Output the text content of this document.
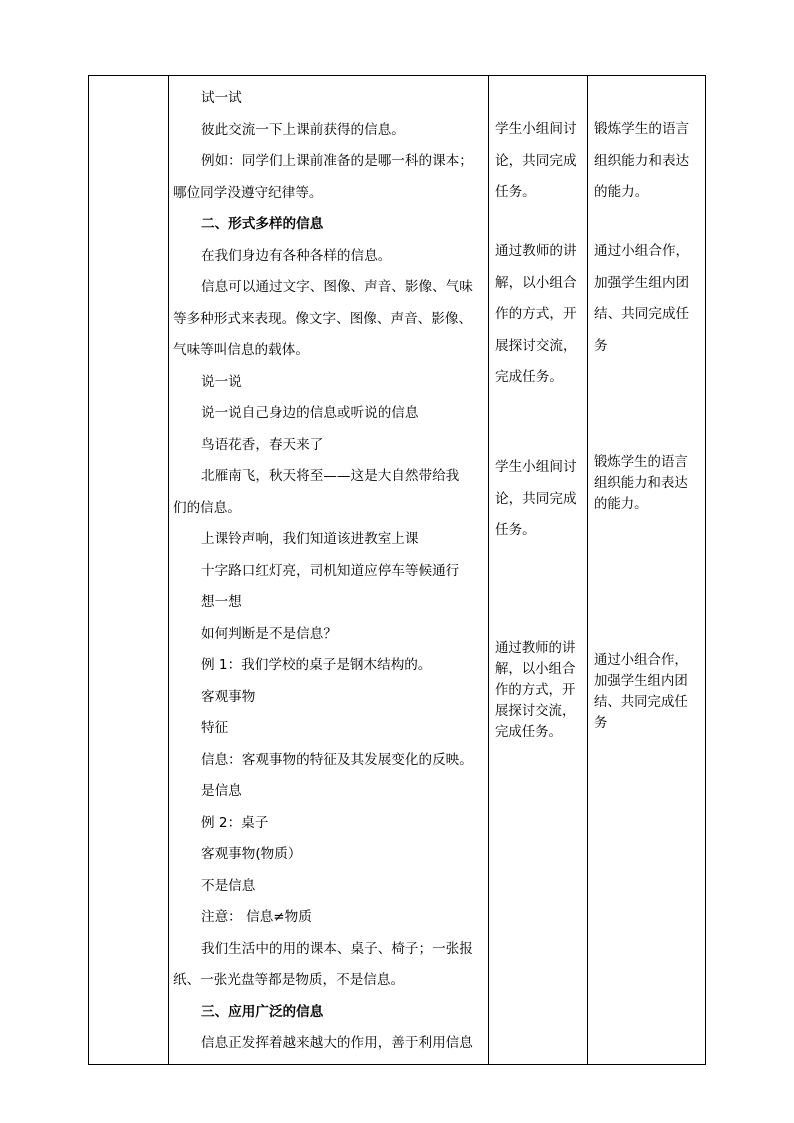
试一试

彼此交流一下上课前获得的信息。

例如：同学们上课前准备的是哪一科的课本；

哪位同学没遵守纪律等。

二、形式多样的信息

在我们身边有各种各样的信息。

信息可以通过文字、图像、声音、影像、气味

等多种形式来表现。像文字、图像、声音、影像、

气味等叫信息的载体。

说一说

说一说自己身边的信息或听说的信息

鸟语花香，春天来了

北雁南飞，秋天将至——这是大自然带给我

们的信息。

上课铃声响，我们知道该进教室上课

十字路口红灯亮，司机知道应停车等候通行

想一想

如何判断是不是信息？

例 1：我们学校的桌子是钢木结构的。

客观事物

特征

信息：客观事物的特征及其发展变化的反映。

是信息

例 2：桌子

客观事物(物质）

不是信息

注意： 信息≠物质

我们生活中的用的课本、桌子、椅子；一张报

纸、一张光盘等都是物质，不是信息。

三、应用广泛的信息

信息正发挥着越来越大的作用，善于利用信息

学生小组间讨
论，共同完成
任务。
通过教师的讲
解，以小组合
作的方式，开
展探讨交流，
完成任务。
学生小组间讨
论，共同完成
任务。
通过教师的讲
解，以小组合
作的方式，开
展探讨交流，
完成任务。
锻炼学生的语言
组织能力和表达
的能力。
通过小组合作，
加强学生组内团
结、共同完成任
务
锻炼学生的语言
组织能力和表达
的能力。
通过小组合作，
加强学生组内团
结、共同完成任
务
